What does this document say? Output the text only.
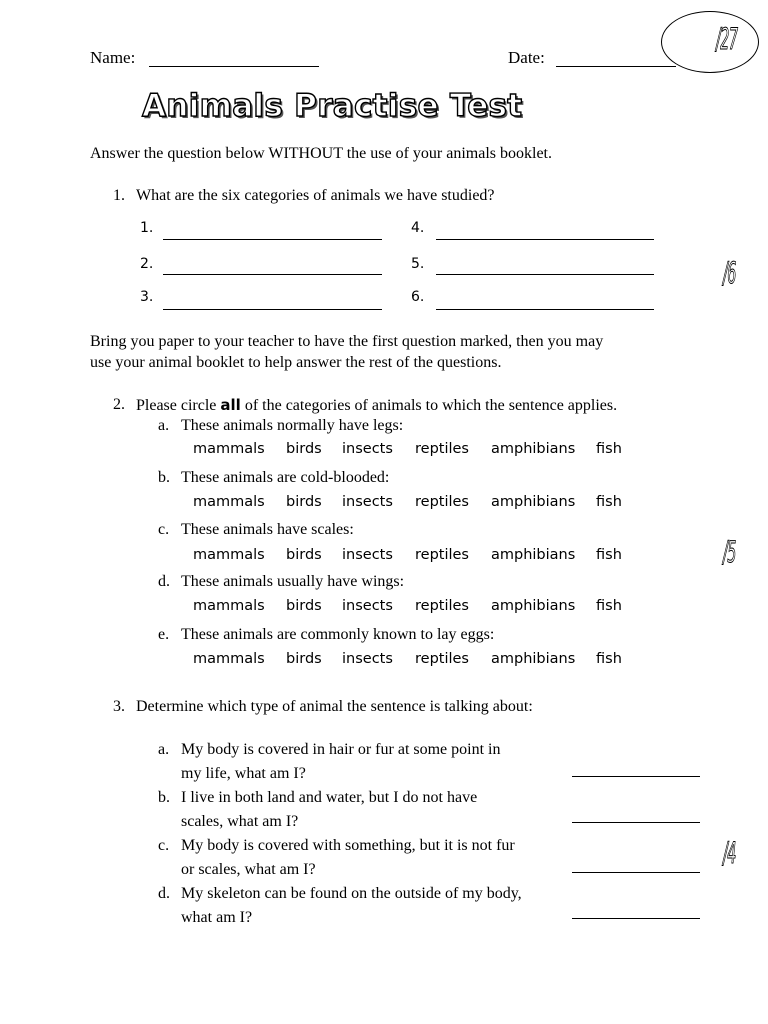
Name:	Date:
/27
Animals Practise Test
Answer the question below WITHOUT the use of your animals booklet.
1. What are the six categories of animals we have studied?
1.
2.
3.
4.
5.
6.
/6
Bring you paper to your teacher to have the first question marked, then you may
use your animal booklet to help answer the rest of the questions.
2. Please circle all of the categories of animals to which the sentence applies.
a. These animals normally have legs:
mammals birds insects reptiles amphibians fish
b. These animals are cold-blooded:
mammals birds insects reptiles amphibians fish
c. These animals have scales:
mammals birds insects reptiles amphibians fish
d. These animals usually have wings:
mammals birds insects reptiles amphibians fish
e. These animals are commonly known to lay eggs:
mammals birds insects reptiles amphibians fish
/5
3. Determine which type of animal the sentence is talking about:
a. My body is covered in hair or fur at some point in
my life, what am I?
b. I live in both land and water, but I do not have
scales, what am I?
c. My body is covered with something, but it is not fur
or scales, what am I?
d. My skeleton can be found on the outside of my body,
what am I?
/4
